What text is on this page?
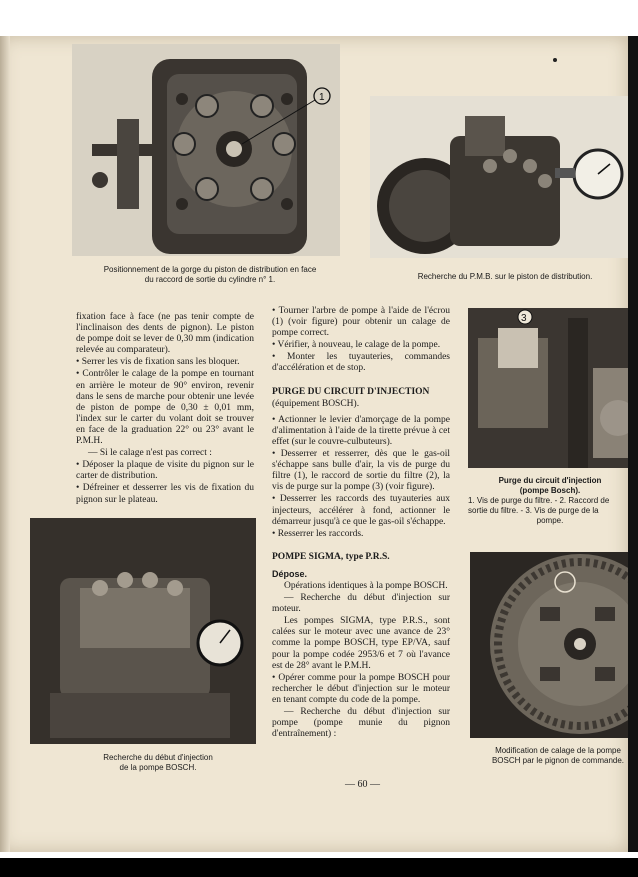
1
Positionnement de la gorge du piston de distribution en face
du raccord de sortie du cylindre n° 1.	Recherche du P.M.B. sur le piston de distribution.

fixation face à face (ne pas tenir compte de l'inclinaison des dents de pignon). Le piston de pompe doit se lever de 0,30 mm (indication relevée au comparateur).

• Serrer les vis de fixation sans les bloquer.

• Contrôler le calage de la pompe en tournant en arrière le moteur de 90° environ, revenir dans le sens de marche pour obtenir une levée de piston de pompe de 0,30 ± 0,01 mm, l'index sur le carter du volant doit se trouver en face de la graduation 22° ou 23° avant le P.M.H.

— Si le calage n'est pas correct :

• Déposer la plaque de visite du pignon sur le carter de distribution.

• Défreiner et desserrer les vis de fixation du pignon sur le plateau.

Recherche du début d'injection
de la pompe BOSCH.

• Tourner l'arbre de pompe à l'aide de l'écrou (1) (voir figure) pour obtenir un calage de pompe correct.

• Vérifier, à nouveau, le calage de la pompe.

• Monter les tuyauteries, commandes d'accélération et de stop.

PURGE DU CIRCUIT D'INJECTION

(équipement BOSCH).

• Actionner le levier d'amorçage de la pompe d'alimentation à l'aide de la tirette prévue à cet effet (sur le couvre-culbuteurs).

• Desserrer et resserrer, dès que le gas-oil s'échappe sans bulle d'air, la vis de purge du filtre (1), le raccord de sortie du filtre (2), la vis de purge sur la pompe (3) (voir figure).

• Desserrer les raccords des tuyauteries aux injecteurs, accélérer à fond, actionner le démarreur jusqu'à ce que le gas-oil s'échappe.

• Resserrer les raccords.

POMPE SIGMA, type P.R.S.

Dépose.

Opérations identiques à la pompe BOSCH.

— Recherche du début d'injection sur moteur.

Les pompes SIGMA, type P.R.S., sont calées sur le moteur avec une avance de 23° comme la pompe BOSCH, type EP/VA, sauf pour la pompe codée 2953/6 et 7 où l'avance est de 28° avant le P.M.H.

• Opérer comme pour la pompe BOSCH pour rechercher le début d'injection sur le moteur en tenant compte du code de la pompe.

— Recherche du début d'injection sur pompe (pompe munie du pignon d'entraînement) :

3
Purge du circuit d'injection
(pompe Bosch).
1. Vis de purge du filtre. - 2. Raccord de
sortie du filtre. - 3. Vis de purge de la
pompe.
Modification de calage de la pompe
BOSCH par le pignon de commande.
— 60 —
